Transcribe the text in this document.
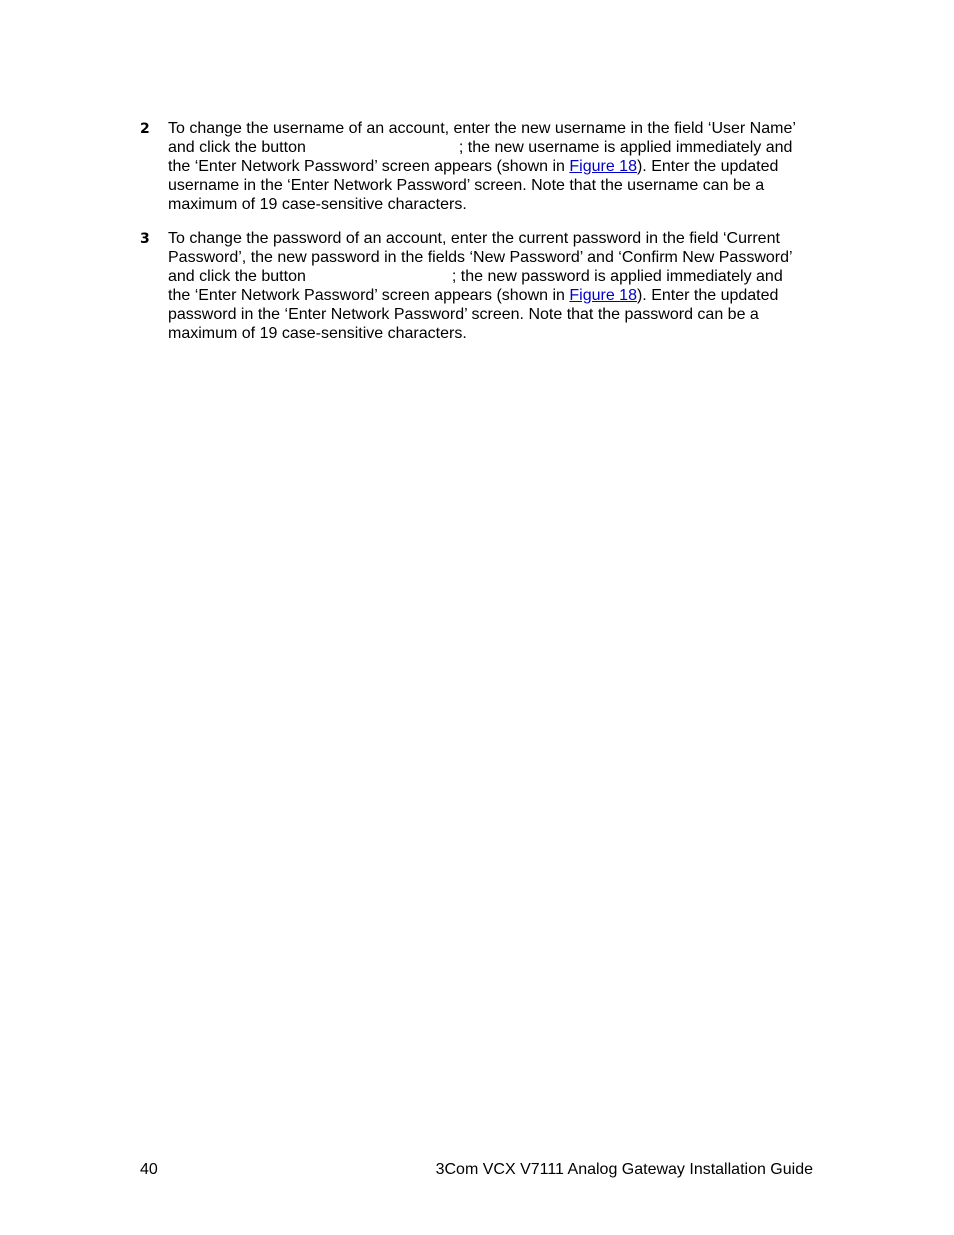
2 To change the username of an account, enter the new username in the field ‘User Name’
and click the button	; the new username is applied immediately and
the ‘Enter Network Password’ screen appears (shown in Figure 18). Enter the updated
username in the ‘Enter Network Password’ screen. Note that the username can be a
maximum of 19 case-sensitive characters.
3 To change the password of an account, enter the current password in the field ‘Current
Password’, the new password in the fields ‘New Password’ and ‘Confirm New Password’
and click the button	; the new password is applied immediately and
the ‘Enter Network Password’ screen appears (shown in Figure 18). Enter the updated
password in the ‘Enter Network Password’ screen. Note that the password can be a
maximum of 19 case-sensitive characters.
40	3Com VCX V7111 Analog Gateway Installation Guide
